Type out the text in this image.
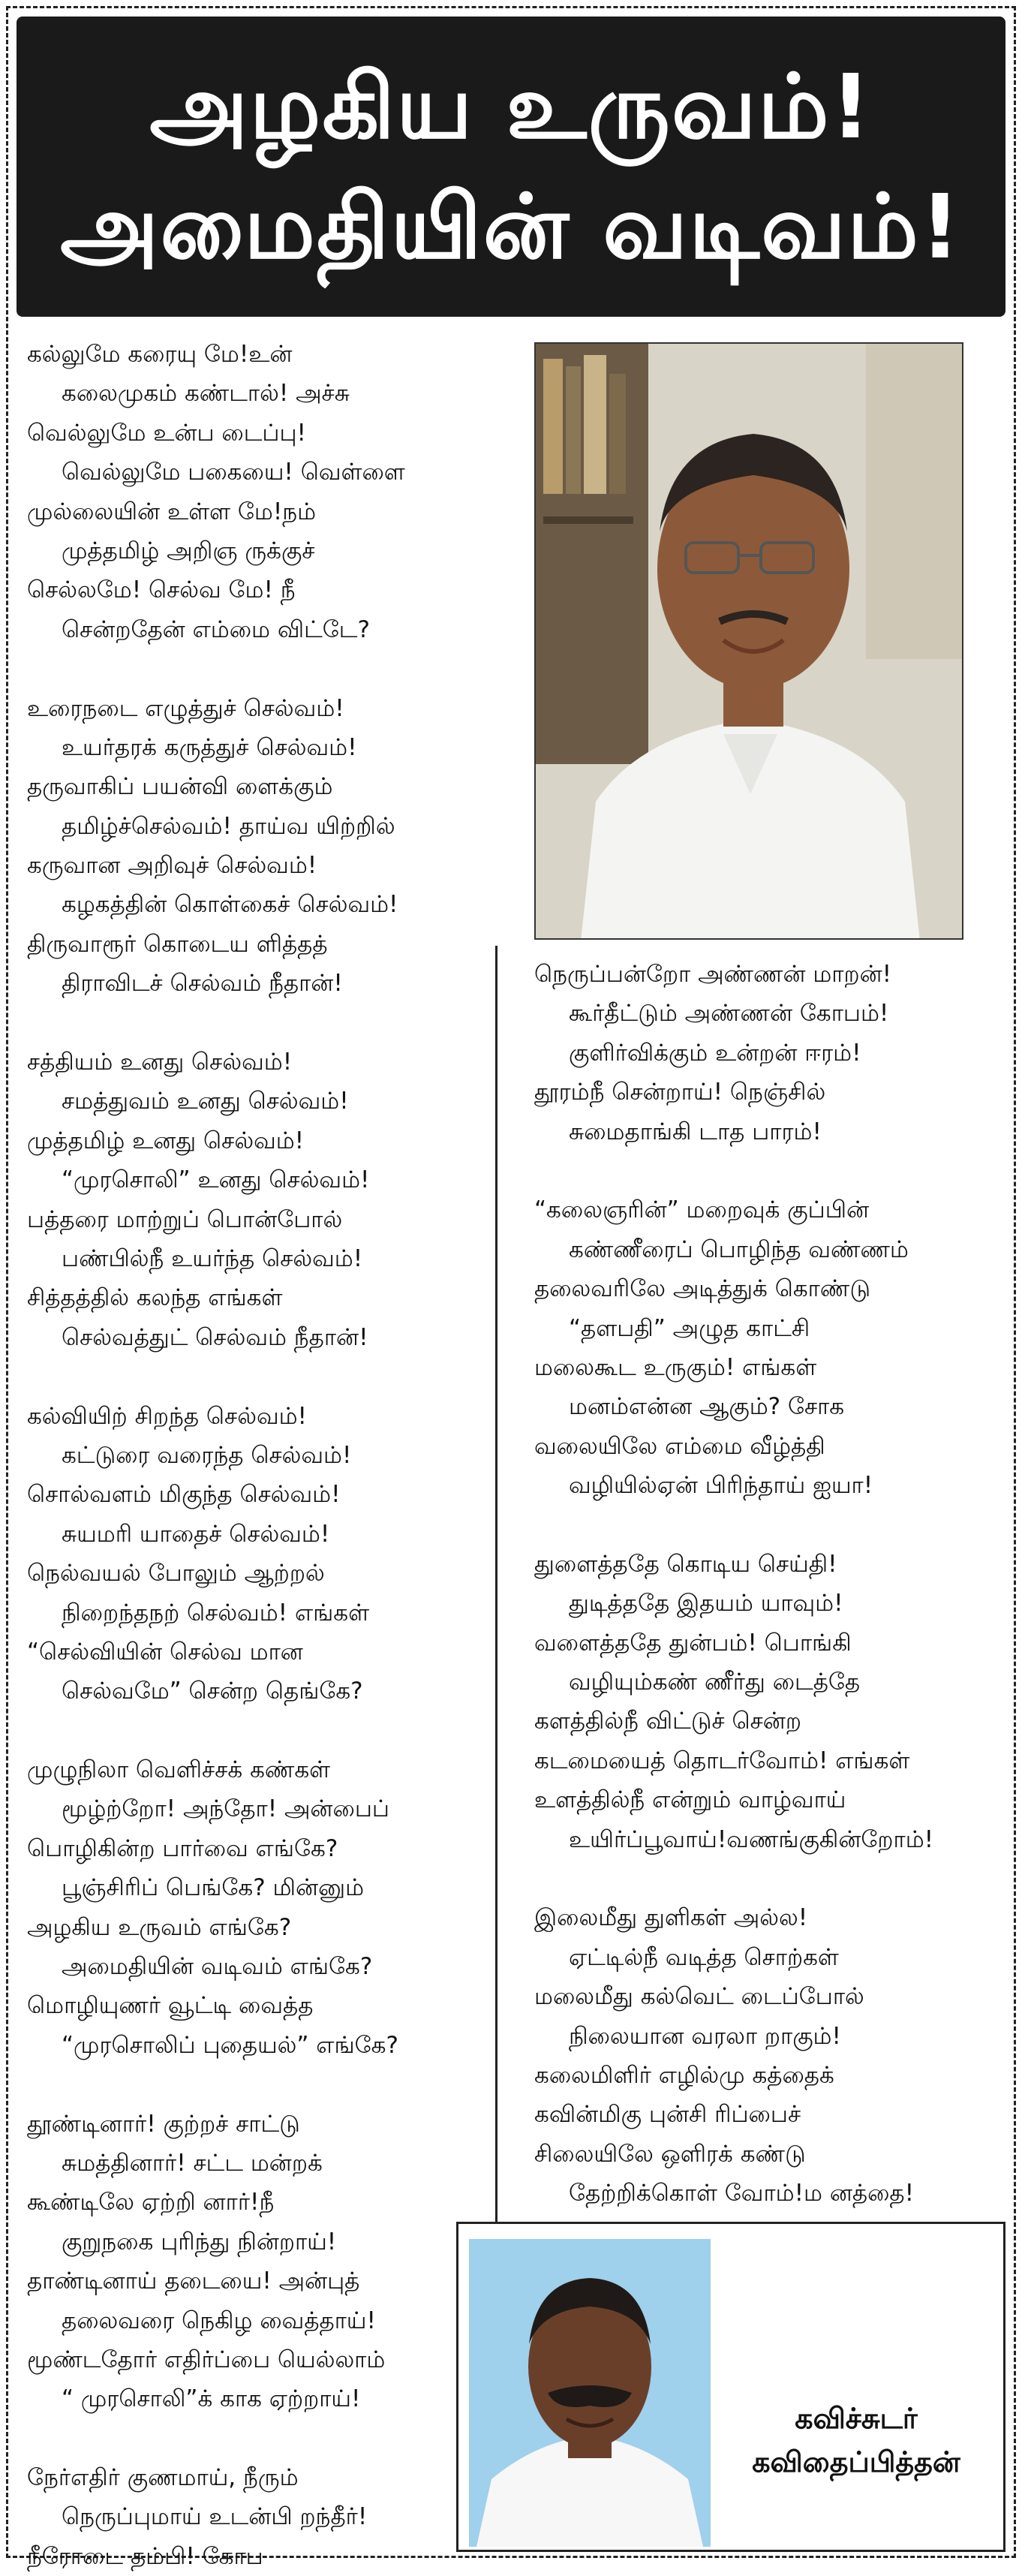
அழகிய உருவம்!
அமைதியின் வடிவம்!
கல்லுமே கரையு மே!உன்
கலைமுகம் கண்டால்! அச்சு
வெல்லுமே உன்ப டைப்பு!
வெல்லுமே பகையை! வெள்ளை
முல்லையின் உள்ள மே!நம்
முத்தமிழ் அறிஞ ருக்குச்
செல்லமே! செல்வ மே! நீ
சென்றதேன் எம்மை விட்டே?
உரைநடை எழுத்துச் செல்வம்!
உயர்தரக் கருத்துச் செல்வம்!
தருவாகிப் பயன்வி ளைக்கும்
தமிழ்ச்செல்வம்! தாய்வ யிற்றில்
கருவான அறிவுச் செல்வம்!
கழகத்தின் கொள்கைச் செல்வம்!
திருவாரூர் கொடைய ளித்தத்
திராவிடச் செல்வம் நீதான்!
சத்தியம் உனது செல்வம்!
சமத்துவம் உனது செல்வம்!
முத்தமிழ் உனது செல்வம்!
“முரசொலி” உனது செல்வம்!
பத்தரை மாற்றுப் பொன்போல்
பண்பில்நீ உயர்ந்த செல்வம்!
சித்தத்தில் கலந்த எங்கள்
செல்வத்துட் செல்வம் நீதான்!
கல்வியிற் சிறந்த செல்வம்!
கட்டுரை வரைந்த செல்வம்!
சொல்வளம் மிகுந்த செல்வம்!
சுயமரி யாதைச் செல்வம்!
நெல்வயல் போலும் ஆற்றல்
நிறைந்தநற் செல்வம்! எங்கள்
“செல்வியின் செல்வ மான
செல்வமே” சென்ற தெங்கே?
முழுநிலா வெளிச்சக் கண்கள்
மூழ்ற்றோ! அந்தோ! அன்பைப்
பொழிகின்ற பார்வை எங்கே?
பூஞ்சிரிப் பெங்கே? மின்னும்
அழகிய உருவம் எங்கே?
அமைதியின் வடிவம் எங்கே?
மொழியுணர் வூட்டி வைத்த
“முரசொலிப் புதையல்” எங்கே?
தூண்டினார்! குற்றச் சாட்டு
சுமத்தினார்! சட்ட மன்றக்
கூண்டிலே ஏற்றி னார்!நீ
குறுநகை புரிந்து நின்றாய்!
தாண்டினாய் தடையை! அன்புத்
தலைவரை நெகிழ வைத்தாய்!
மூண்டதோர் எதிர்ப்பை யெல்லாம்
“ முரசொலி”க் காக ஏற்றாய்!
நேர்எதிர் குணமாய், நீரும்
நெருப்புமாய் உடன்பி றந்தீர்!
நீரோடை தம்பி! கோப
நெருப்பன்றோ அண்ணன் மாறன்!
கூர்தீட்டும் அண்ணன் கோபம்!
குளிர்விக்கும் உன்றன் ஈரம்!
தூரம்நீ சென்றாய்! நெஞ்சில்
சுமைதாங்கி டாத பாரம்!
“கலைஞரின்” மறைவுக் குப்பின்
கண்ணீரைப் பொழிந்த வண்ணம்
தலைவரிலே அடித்துக் கொண்டு
“தளபதி” அழுத காட்சி
மலைகூட உருகும்! எங்கள்
மனம்என்ன ஆகும்? சோக
வலையிலே எம்மை வீழ்த்தி
வழியில்ஏன் பிரிந்தாய் ஐயா!
துளைத்ததே கொடிய செய்தி!
துடித்ததே இதயம் யாவும்!
வளைத்ததே துன்பம்! பொங்கி
வழியும்கண் ணீர்து டைத்தே
களத்தில்நீ விட்டுச் சென்ற
கடமையைத் தொடர்வோம்! எங்கள்
உளத்தில்நீ என்றும் வாழ்வாய்
உயிர்ப்பூவாய்!வணங்குகின்றோம்!
இலைமீது துளிகள் அல்ல!
ஏட்டில்நீ வடித்த சொற்கள்
மலைமீது கல்வெட் டைப்போல்
நிலையான வரலா றாகும்!
கலைமிளிர் எழில்மு கத்தைக்
கவின்மிகு புன்சி ரிப்பைச்
சிலையிலே ஒளிரக் கண்டு
தேற்றிக்கொள் வோம்!ம னத்தை!
கவிச்சுடர்
கவிதைப்பித்தன்
